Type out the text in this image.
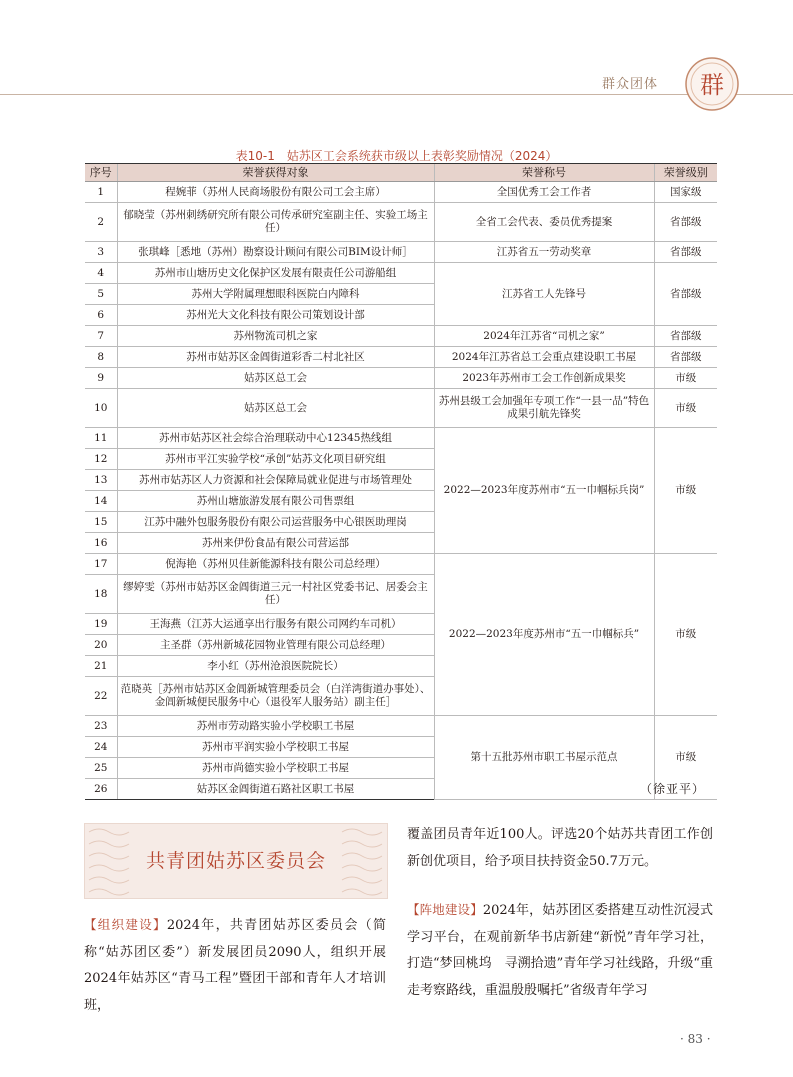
群众团体 群
表10-1　姑苏区工会系统获市级以上表彰奖励情况（2024）
序号	荣誉获得对象	荣誉称号	荣誉级别
1	程婉菲（苏州人民商场股份有限公司工会主席）	全国优秀工会工作者	国家级
2	郁晓莹（苏州刺绣研究所有限公司传承研究室副主任、实验工场主任）	全省工会代表、委员优秀提案	省部级
3	张琪峰［悉地（苏州）勘察设计顾问有限公司BIM设计师］	江苏省五一劳动奖章	省部级
4	苏州市山塘历史文化保护区发展有限责任公司游船组	江苏省工人先锋号	省部级
5	苏州大学附属理想眼科医院白内障科		
6	苏州光大文化科技有限公司策划设计部		
7	苏州物流司机之家	2024年江苏省“司机之家”	省部级
8	苏州市姑苏区金阊街道彩香二村北社区	2024年江苏省总工会重点建设职工书屋	省部级
9	姑苏区总工会	2023年苏州市工会工作创新成果奖	市级
10	姑苏区总工会	苏州县级工会加强年专项工作“一县一品”特色成果引航先锋奖	市级
11	苏州市姑苏区社会综合治理联动中心12345热线组	2022—2023年度苏州市“五一巾帼标兵岗”	市级
12	苏州市平江实验学校“承创”姑苏文化项目研究组		
13	苏州市姑苏区人力资源和社会保障局就业促进与市场管理处		
14	苏州山塘旅游发展有限公司售票组		
15	江苏中融外包服务股份有限公司运营服务中心银医助理岗		
16	苏州来伊份食品有限公司营运部		
17	倪海艳（苏州贝佳新能源科技有限公司总经理）	2022—2023年度苏州市“五一巾帼标兵”	市级
18	缪婷雯（苏州市姑苏区金阊街道三元一村社区党委书记、居委会主任）		
19	王海燕（江苏大运通享出行服务有限公司网约车司机）		
20	主圣群（苏州新城花园物业管理有限公司总经理）		
21	李小红（苏州沧浪医院院长）		
22	范晓英［苏州市姑苏区金阊新城管理委员会（白洋湾街道办事处）、金阊新城便民服务中心（退役军人服务站）副主任］		
23	苏州市劳动路实验小学校职工书屋	第十五批苏州市职工书屋示范点	市级
24	苏州市平润实验小学校职工书屋		
25	苏州市尚德实验小学校职工书屋		
26	姑苏区金阊街道石路社区职工书屋			（徐亚平）
共青团姑苏区委员会

【组织建设】2024年，共青团姑苏区委员会（简称“姑苏团区委”）新发展团员2090人，组织开展2024年姑苏区“青马工程”暨团干部和青年人才培训班，

覆盖团员青年近100人。评选20个姑苏共青团工作创新创优项目，给予项目扶持资金50.7万元。

【阵地建设】2024年，姑苏团区委搭建互动性沉浸式学习平台，在观前新华书店新建“新悦”青年学习社，打造“梦回桃坞　寻溯拾遗”青年学习社线路，升级“重走考察路线，重温殷殷嘱托”省级青年学习

· 83 ·
